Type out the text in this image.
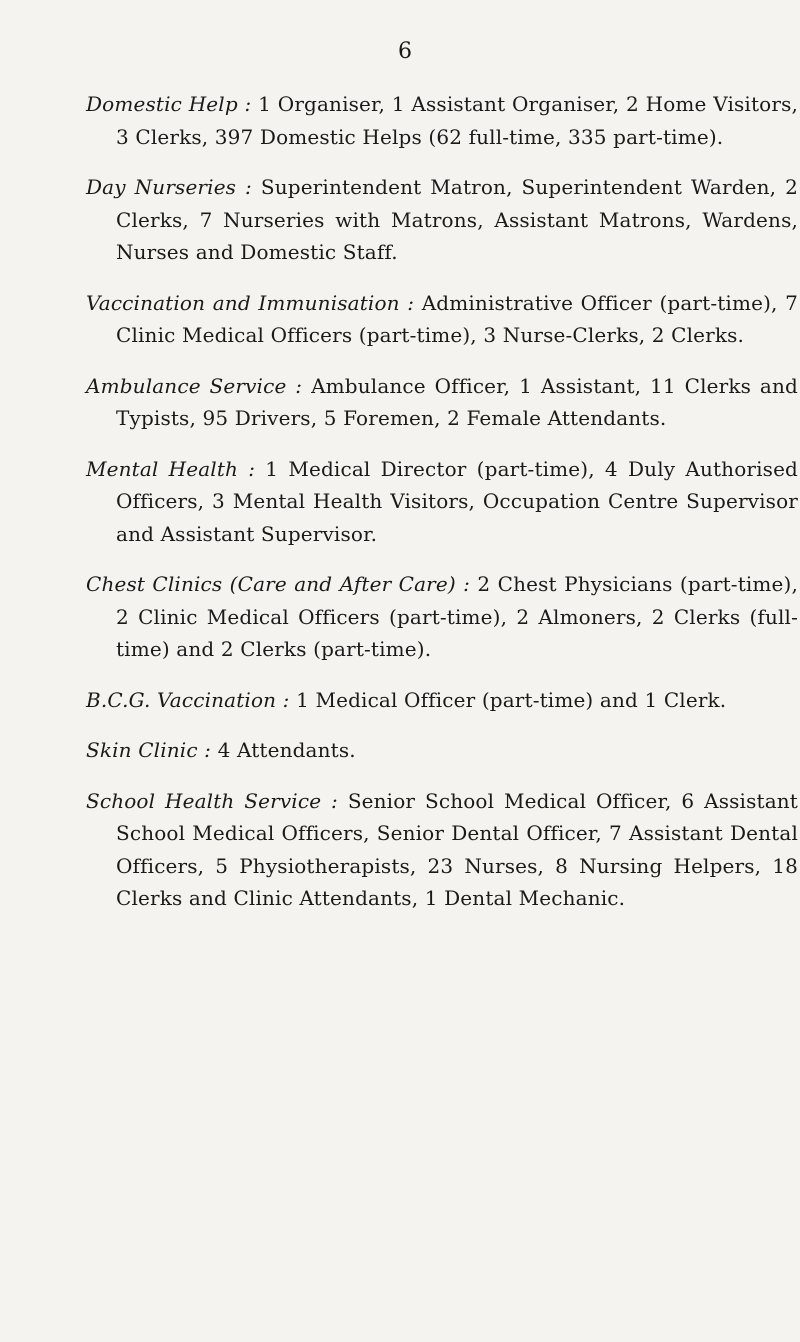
6

Domestic Help : 1 Organiser, 1 Assistant Organiser, 2 Home Visitors, 3 Clerks, 397 Domestic Helps (62 full-time, 335 part-time).

Day Nurseries : Superintendent Matron, Superintendent Warden, 2 Clerks, 7 Nurseries with Matrons, Assistant Matrons, Wardens, Nurses and Domestic Staff.

Vaccination and Immunisation : Administrative Officer (part-time), 7 Clinic Medical Officers (part-time), 3 Nurse-Clerks, 2 Clerks.

Ambulance Service : Ambulance Officer, 1 Assistant, 11 Clerks and Typists, 95 Drivers, 5 Foremen, 2 Female Attendants.

Mental Health : 1 Medical Director (part-time), 4 Duly Authorised Officers, 3 Mental Health Visitors, Occupation Centre Supervisor and Assistant Supervisor.

Chest Clinics (Care and After Care) : 2 Chest Physicians (part-time), 2 Clinic Medical Officers (part-time), 2 Almoners, 2 Clerks (full-time) and 2 Clerks (part-time).

B.C.G. Vaccination : 1 Medical Officer (part-time) and 1 Clerk.

Skin Clinic : 4 Attendants.

School Health Service : Senior School Medical Officer, 6 Assistant School Medical Officers, Senior Dental Officer, 7 Assistant Dental Officers, 5 Physiotherapists, 23 Nurses, 8 Nursing Helpers, 18 Clerks and Clinic Attendants, 1 Dental Mechanic.
